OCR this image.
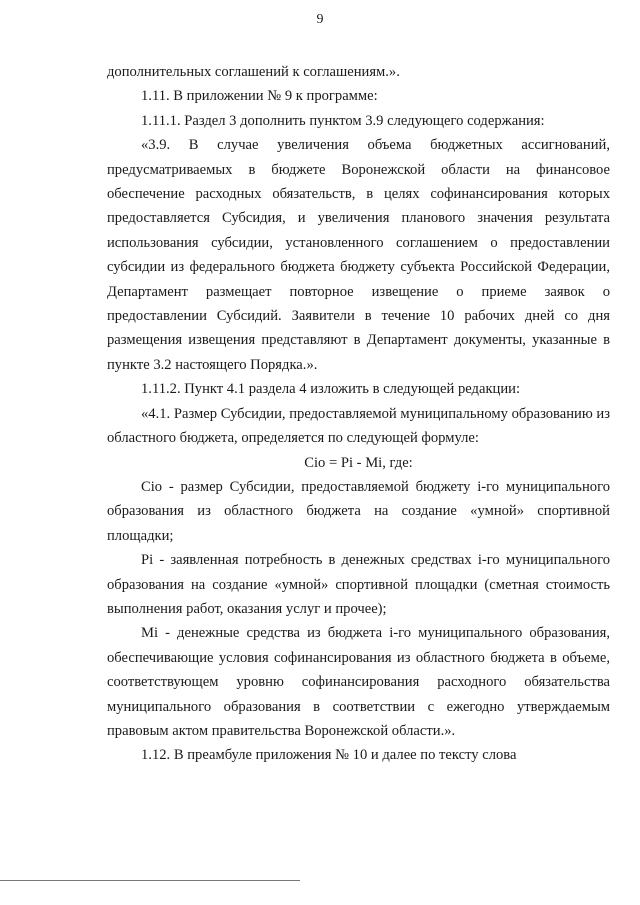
9

дополнительных соглашений к соглашениям.».

1.11. В приложении № 9 к программе:

1.11.1. Раздел 3 дополнить пунктом 3.9 следующего содержания:

«3.9. В случае увеличения объема бюджетных ассигнований, предусматриваемых в бюджете Воронежской области на финансовое обеспечение расходных обязательств, в целях софинансирования которых предоставляется Субсидия, и увеличения планового значения результата использования субсидии, установленного соглашением о предоставлении субсидии из федерального бюджета бюджету субъекта Российской Федерации, Департамент размещает повторное извещение о приеме заявок о предоставлении Субсидий. Заявители в течение 10 рабочих дней со дня размещения извещения представляют в Департамент документы, указанные в пункте 3.2 настоящего Порядка.».

1.11.2. Пункт 4.1 раздела 4 изложить в следующей редакции:

«4.1. Размер Субсидии, предоставляемой муниципальному образованию из областного бюджета, определяется по следующей формуле:

Сio = Pi - Mi, где:

Сio - размер Субсидии, предоставляемой бюджету i-го муниципального образования из областного бюджета на создание «умной» спортивной площадки;

Pi - заявленная потребность в денежных средствах i-го муниципального образования на создание «умной» спортивной площадки (сметная стоимость выполнения работ, оказания услуг и прочее);

Mi - денежные средства из бюджета i-го муниципального образования, обеспечивающие условия софинансирования из областного бюджета в объеме, соответствующем уровню софинансирования расходного обязательства муниципального образования в соответствии с ежегодно утверждаемым правовым актом правительства Воронежской области.».

1.12. В преамбуле приложения № 10 и далее по тексту слова
